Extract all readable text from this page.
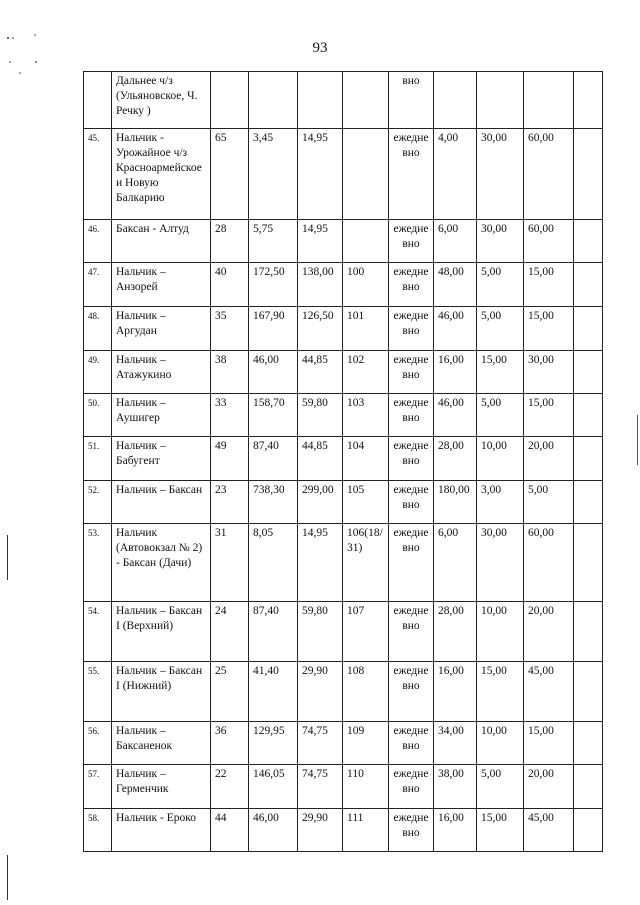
93
	Дальнее ч/з (Ульяновское, Ч. Речку )					вно				
45.	Нальчик - Урожайное ч/з Красноармейское и Новую Балкарию	65	3,45	14,95		ежедневно	4,00	30,00	60,00	
46.	Баксан - Алтуд	28	5,75	14,95		ежедневно	6,00	30,00	60,00	
47.	Нальчик – Анзорей	40	172,50	138,00	100	ежедневно	48,00	5,00	15,00	
48.	Нальчик – Аргудан	35	167,90	126,50	101	ежедневно	46,00	5,00	15,00	
49.	Нальчик – Атажукино	38	46,00	44,85	102	ежедневно	16,00	15,00	30,00	
50.	Нальчик – Аушигер	33	158,70	59,80	103	ежедневно	46,00	5,00	15,00	
51.	Нальчик – Бабугент	49	87,40	44,85	104	ежедневно	28,00	10,00	20,00	
52.	Нальчик – Баксан	23	738,30	299,00	105	ежедневно	180,00	3,00	5,00	
53.	Нальчик (Автовокзал № 2) - Баксан (Дачи)	31	8,05	14,95	106(18/31)	ежедневно	6,00	30,00	60,00	
54.	Нальчик – Баксан I (Верхний)	24	87,40	59,80	107	ежедневно	28,00	10,00	20,00	
55.	Нальчик – Баксан I (Нижний)	25	41,40	29,90	108	ежедневно	16,00	15,00	45,00	
56.	Нальчик – Баксаненок	36	129,95	74,75	109	ежедневно	34,00	10,00	15,00	
57.	Нальчик – Герменчик	22	146,05	74,75	110	ежедневно	38,00	5,00	20,00	
58.	Нальчик - Ероко	44	46,00	29,90	111	ежедневно	16,00	15,00	45,00	
